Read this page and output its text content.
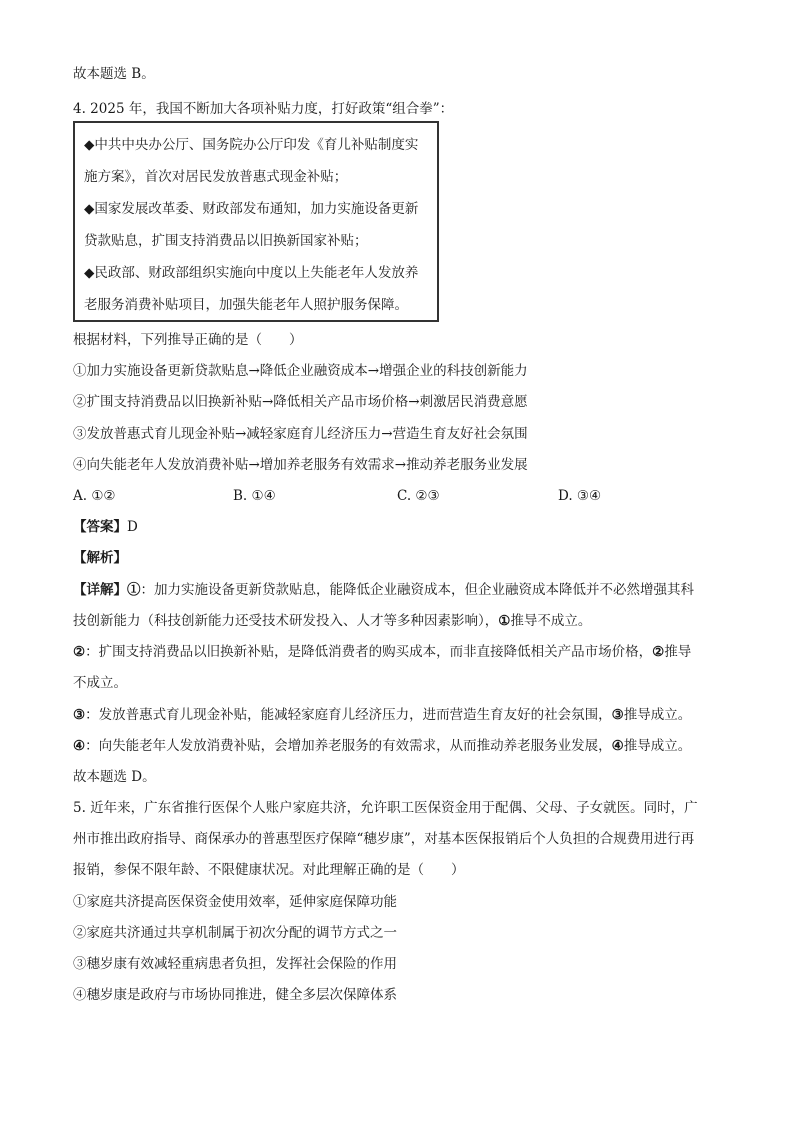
故本题选 B。
4. 2025 年，我国不断加大各项补贴力度，打好政策“组合拳”：
◆中共中央办公厅、国务院办公厅印发《育儿补贴制度实
施方案》，首次对居民发放普惠式现金补贴；
◆国家发展改革委、财政部发布通知，加力实施设备更新
贷款贴息，扩围支持消费品以旧换新国家补贴；
◆民政部、财政部组织实施向中度以上失能老年人发放养
老服务消费补贴项目，加强失能老年人照护服务保障。
根据材料，下列推导正确的是（　　）
①加力实施设备更新贷款贴息→降低企业融资成本→增强企业的科技创新能力
②扩围支持消费品以旧换新补贴→降低相关产品市场价格→刺激居民消费意愿
③发放普惠式育儿现金补贴→减轻家庭育儿经济压力→营造生育友好社会氛围
④向失能老年人发放消费补贴→增加养老服务有效需求→推动养老服务业发展
A. ①②	B. ①④	C. ②③	D. ③④
【答案】D
【解析】
【详解】①：加力实施设备更新贷款贴息，能降低企业融资成本，但企业融资成本降低并不必然增强其科
技创新能力（科技创新能力还受技术研发投入、人才等多种因素影响），①推导不成立。
②：扩围支持消费品以旧换新补贴，是降低消费者的购买成本，而非直接降低相关产品市场价格，②推导
不成立。
③：发放普惠式育儿现金补贴，能减轻家庭育儿经济压力，进而营造生育友好的社会氛围，③推导成立。
④：向失能老年人发放消费补贴，会增加养老服务的有效需求，从而推动养老服务业发展，④推导成立。
故本题选 D。
5. 近年来，广东省推行医保个人账户家庭共济，允许职工医保资金用于配偶、父母、子女就医。同时，广
州市推出政府指导、商保承办的普惠型医疗保障“穗岁康”，对基本医保报销后个人负担的合规费用进行再
报销，参保不限年龄、不限健康状况。对此理解正确的是（　　）
①家庭共济提高医保资金使用效率，延伸家庭保障功能
②家庭共济通过共享机制属于初次分配的调节方式之一
③穗岁康有效减轻重病患者负担，发挥社会保险的作用
④穗岁康是政府与市场协同推进，健全多层次保障体系
